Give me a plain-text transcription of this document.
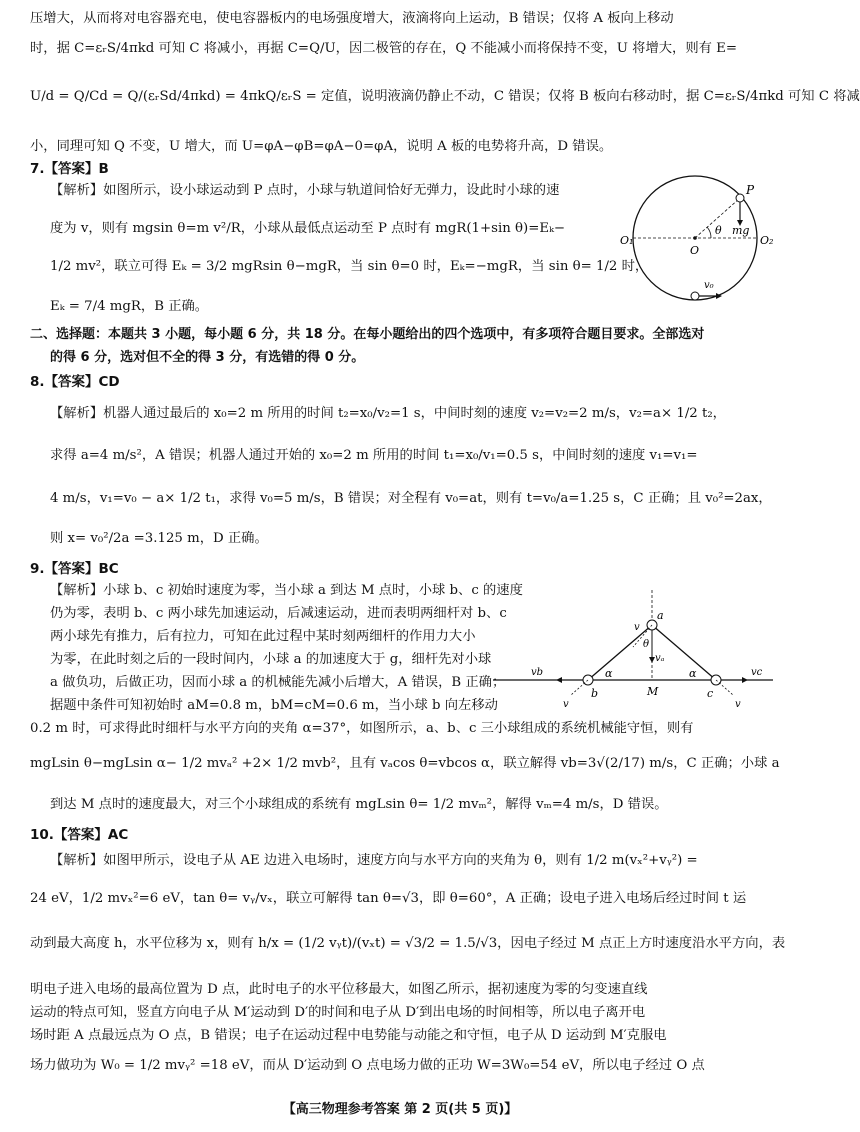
压增大，从而将对电容器充电，使电容器板内的电场强度增大，液滴将向上运动，B 错误；仅将 A 板向上移动
时，据 C=εᵣS/4πkd 可知 C 将减小，再据 C=Q/U，因二极管的存在，Q 不能减小而将保持不变，U 将增大，则有 E=
U/d = Q/Cd = Q/(εᵣSd/4πkd) = 4πkQ/εᵣS = 定值，说明液滴仍静止不动，C 错误；仅将 B 板向右移动时，据 C=εᵣS/4πkd 可知 C 将减
小，同理可知 Q 不变，U 增大，而 U=φA−φB=φA−0=φA，说明 A 板的电势将升高，D 错误。
7.【答案】B
【解析】如图所示，设小球运动到 P 点时，小球与轨道间恰好无弹力，设此时小球的速
度为 v，则有 mgsin θ=m v²/R，小球从最低点运动至 P 点时有 mgR(1+sin θ)=Eₖ−
1/2 mv²，联立可得 Eₖ = 3/2 mgRsin θ−mgR，当 sin θ=0 时，Eₖ=−mgR，当 sin θ= 1/2 时，
Eₖ = 7/4 mgR，B 正确。
二、选择题：本题共 3 小题，每小题 6 分，共 18 分。在每小题给出的四个选项中，有多项符合题目要求。全部选对
的得 6 分，选对但不全的得 3 分，有选错的得 0 分。
8.【答案】CD
【解析】机器人通过最后的 x₀=2 m 所用的时间 t₂=x₀/v₂=1 s，中间时刻的速度 v₂=v₂=2 m/s，v₂=a× 1/2 t₂，
求得 a=4 m/s²，A 错误；机器人通过开始的 x₀=2 m 所用的时间 t₁=x₀/v₁=0.5 s，中间时刻的速度 v₁=v₁=
4 m/s，v₁=v₀ − a× 1/2 t₁，求得 v₀=5 m/s，B 错误；对全程有 v₀=at，则有 t=v₀/a=1.25 s，C 正确；且 v₀²=2ax，
则 x= v₀²/2a =3.125 m，D 正确。
9.【答案】BC
【解析】小球 b、c 初始时速度为零，当小球 a 到达 M 点时，小球 b、c 的速度
仍为零，表明 b、c 两小球先加速运动，后减速运动，进而表明两细杆对 b、c
两小球先有推力，后有拉力，可知在此过程中某时刻两细杆的作用力大小
为零，在此时刻之后的一段时间内，小球 a 的加速度大于 g，细杆先对小球
a 做负功，后做正功，因而小球 a 的机械能先减小后增大，A 错误，B 正确；
据题中条件可知初始时 aM=0.8 m，bM=cM=0.6 m，当小球 b 向左移动
0.2 m 时，可求得此时细杆与水平方向的夹角 α=37°，如图所示，a、b、c 三小球组成的系统机械能守恒，则有
mgLsin θ−mgLsin α− 1/2 mvₐ² +2× 1/2 mvb²，且有 vₐcos θ=vbcos α，联立解得 vb=3√(2/17) m/s，C 正确；小球 a
到达 M 点时的速度最大，对三个小球组成的系统有 mgLsin θ= 1/2 mvₘ²，解得 vₘ=4 m/s，D 错误。
10.【答案】AC
【解析】如图甲所示，设电子从 AE 边进入电场时，速度方向与水平方向的夹角为 θ，则有 1/2 m(vₓ²+vᵧ²) =
24 eV，1/2 mvₓ²=6 eV，tan θ= vᵧ/vₓ，联立可解得 tan θ=√3，即 θ=60°，A 正确；设电子进入电场后经过时间 t 运
动到最大高度 h，水平位移为 x，则有 h/x = (1/2 vᵧt)/(vₓt) = √3/2 = 1.5/√3，因电子经过 M 点正上方时速度沿水平方向，表
明电子进入电场的最高位置为 D 点，此时电子的水平位移最大，如图乙所示，据初速度为零的匀变速直线
运动的特点可知，竖直方向电子从 M′运动到 D′的时间和电子从 D′到出电场的时间相等，所以电子离开电
场时距 A 点最远点为 O 点，B 错误；电子在运动过程中电势能与动能之和守恒，电子从 D 运动到 M′克服电
场力做功为 W₀ = 1/2 mvᵧ² =18 eV，而从 D′运动到 O 点电场力做的正功 W=3W₀=54 eV，所以电子经过 O 点
P
mg
O₁
O
O₂
θ
v₀
v
a
θ
vₐ
vb
b
α
M
α
c
vc
v	v
【高三物理参考答案 第 2 页(共 5 页)】
